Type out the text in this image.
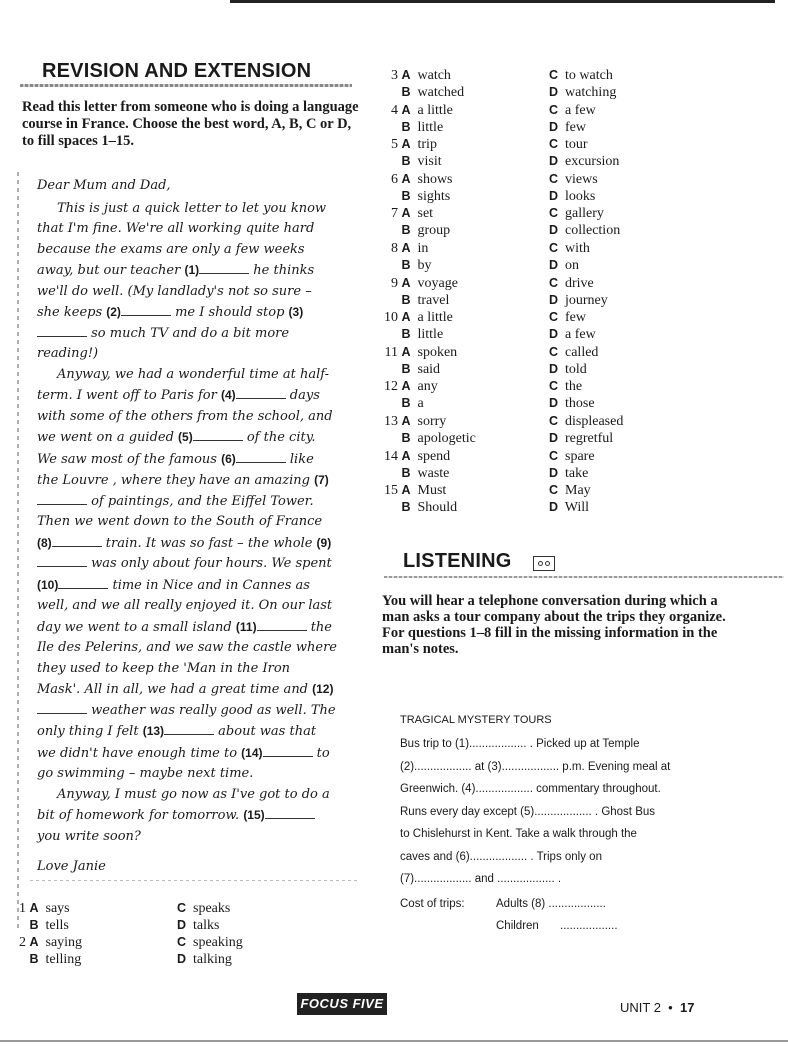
REVISION AND EXTENSION
Read this letter from someone who is doing a language course in France. Choose the best word, A, B, C or D, to fill spaces 1–15.

Dear Mum and Dad,

This is just a quick letter to let you know that I'm fine. We're all working quite hard because the exams are only a few weeks away, but our teacher (1)	he thinks we'll do well. (My landlady's not so sure – she keeps (2)	me I should stop (3) so much TV and do a bit more reading!)

Anyway, we had a wonderful time at half-term. I went off to Paris for (4)	days with some of the others from the school, and we went on a guided (5)	of the city. We saw most of the famous (6)	like the Louvre , where they have an amazing (7) of paintings, and the Eiffel Tower. Then we went down to the South of France (8)	train. It was so fast – the whole (9) was only about four hours. We spent (10)	time in Nice and in Cannes as well, and we all really enjoyed it. On our last day we went to a small island (11)	the Ile des Pelerins, and we saw the castle where they used to keep the 'Man in the Iron Mask'. All in all, we had a great time and (12) weather was really good as well. The only thing I felt (13)	about was that we didn't have enough time to (14)	to go swimming – maybe next time.

Anyway, I must go now as I've got to do a bit of homework for tomorrow. (15) you write soon?

Love Janie

1 A says	C speaks
B tells	D talks
2 A saying	C speaking
B telling	D talking
3 A watch	C to watch
B watched	D watching
4 A a little	C a few
B little	D few
5 A trip	C tour
B visit	D excursion
6 A shows	C views
B sights	D looks
7 A set	C gallery
B group	D collection
8 A in	C with
B by	D on
9 A voyage	C drive
B travel	D journey
10 A a little	C few
B little	D a few
11 A spoken	C called
B said	D told
12 A any	C the
B a	D those
13 A sorry	C displeased
B apologetic	D regretful
14 A spend	C spare
B waste	D take
15 A Must	C May
B Should	D Will
LISTENING
You will hear a telephone conversation during which a man asks a tour company about the trips they organize. For questions 1–8 fill in the missing information in the man's notes.
TRAGICAL MYSTERY TOURS
Bus trip to (1).................. . Picked up at Temple
(2).................. at (3).................. p.m. Evening meal at
Greenwich. (4).................. commentary throughout.
Runs every day except (5).................. . Ghost Bus
to Chislehurst in Kent. Take a walk through the
caves and (6).................. . Trips only on
(7).................. and .................. .
Cost of trips:	Adults (8) ..................
Children ..................
FOCUS FIVE	UNIT 2 • 17
